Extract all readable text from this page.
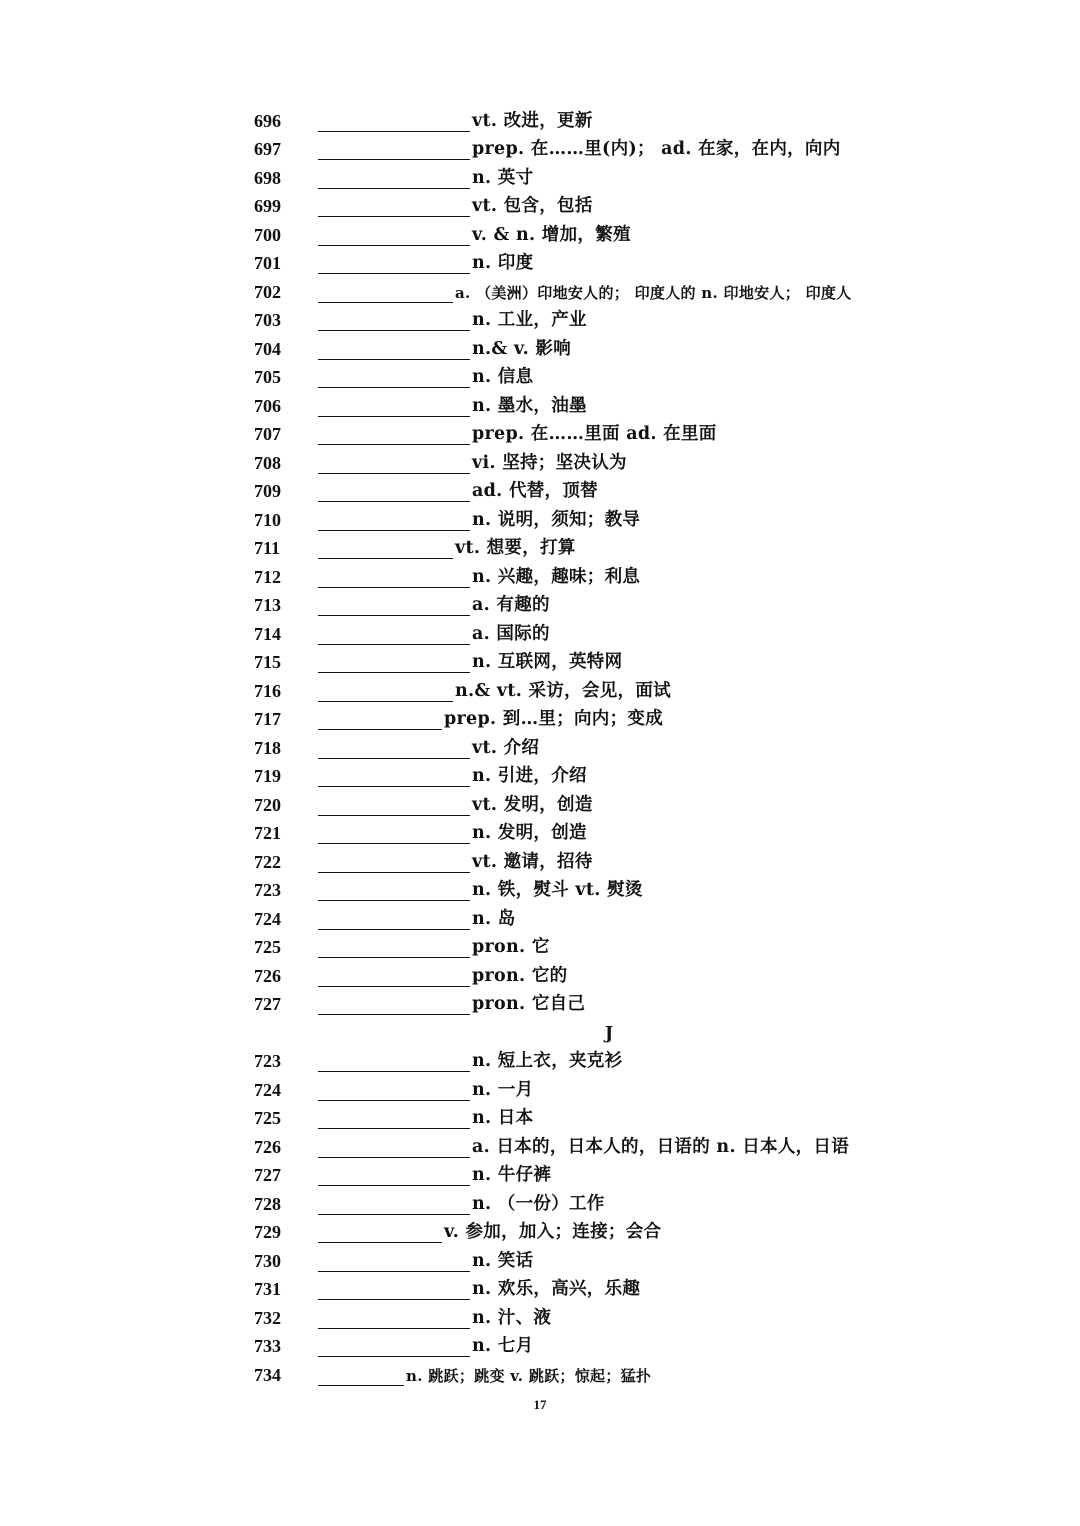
696	vt. 改进，更新
697	prep. 在……里(内)； ad. 在家，在内，向内
698	n. 英寸
699	vt. 包含，包括
700	v. & n. 增加，繁殖
701	n. 印度
702	a. （美洲）印地安人的； 印度人的 n. 印地安人； 印度人
703	n. 工业，产业
704	n.& v. 影响
705	n. 信息
706	n. 墨水，油墨
707	prep. 在……里面 ad. 在里面
708	vi. 坚持；坚决认为
709	ad. 代替，顶替
710	n. 说明，须知；教导
711	vt. 想要，打算
712	n. 兴趣，趣味；利息
713	a. 有趣的
714	a. 国际的
715	n. 互联网，英特网
716	n.& vt. 采访，会见，面试
717	prep. 到…里；向内；变成
718	vt. 介绍
719	n. 引进，介绍
720	vt. 发明，创造
721	n. 发明，创造
722	vt. 邀请，招待
723	n. 铁，熨斗 vt. 熨烫
724	n. 岛
725	pron. 它
726	pron. 它的
727	pron. 它自己
J
723	n. 短上衣，夹克衫
724	n. 一月
725	n. 日本
726	a. 日本的，日本人的，日语的 n. 日本人，日语
727	n. 牛仔裤
728	n. （一份）工作
729	v. 参加，加入；连接；会合
730	n. 笑话
731	n. 欢乐，高兴，乐趣
732	n. 汁、液
733	n. 七月
734	n. 跳跃；跳变 v. 跳跃；惊起；猛扑
17
